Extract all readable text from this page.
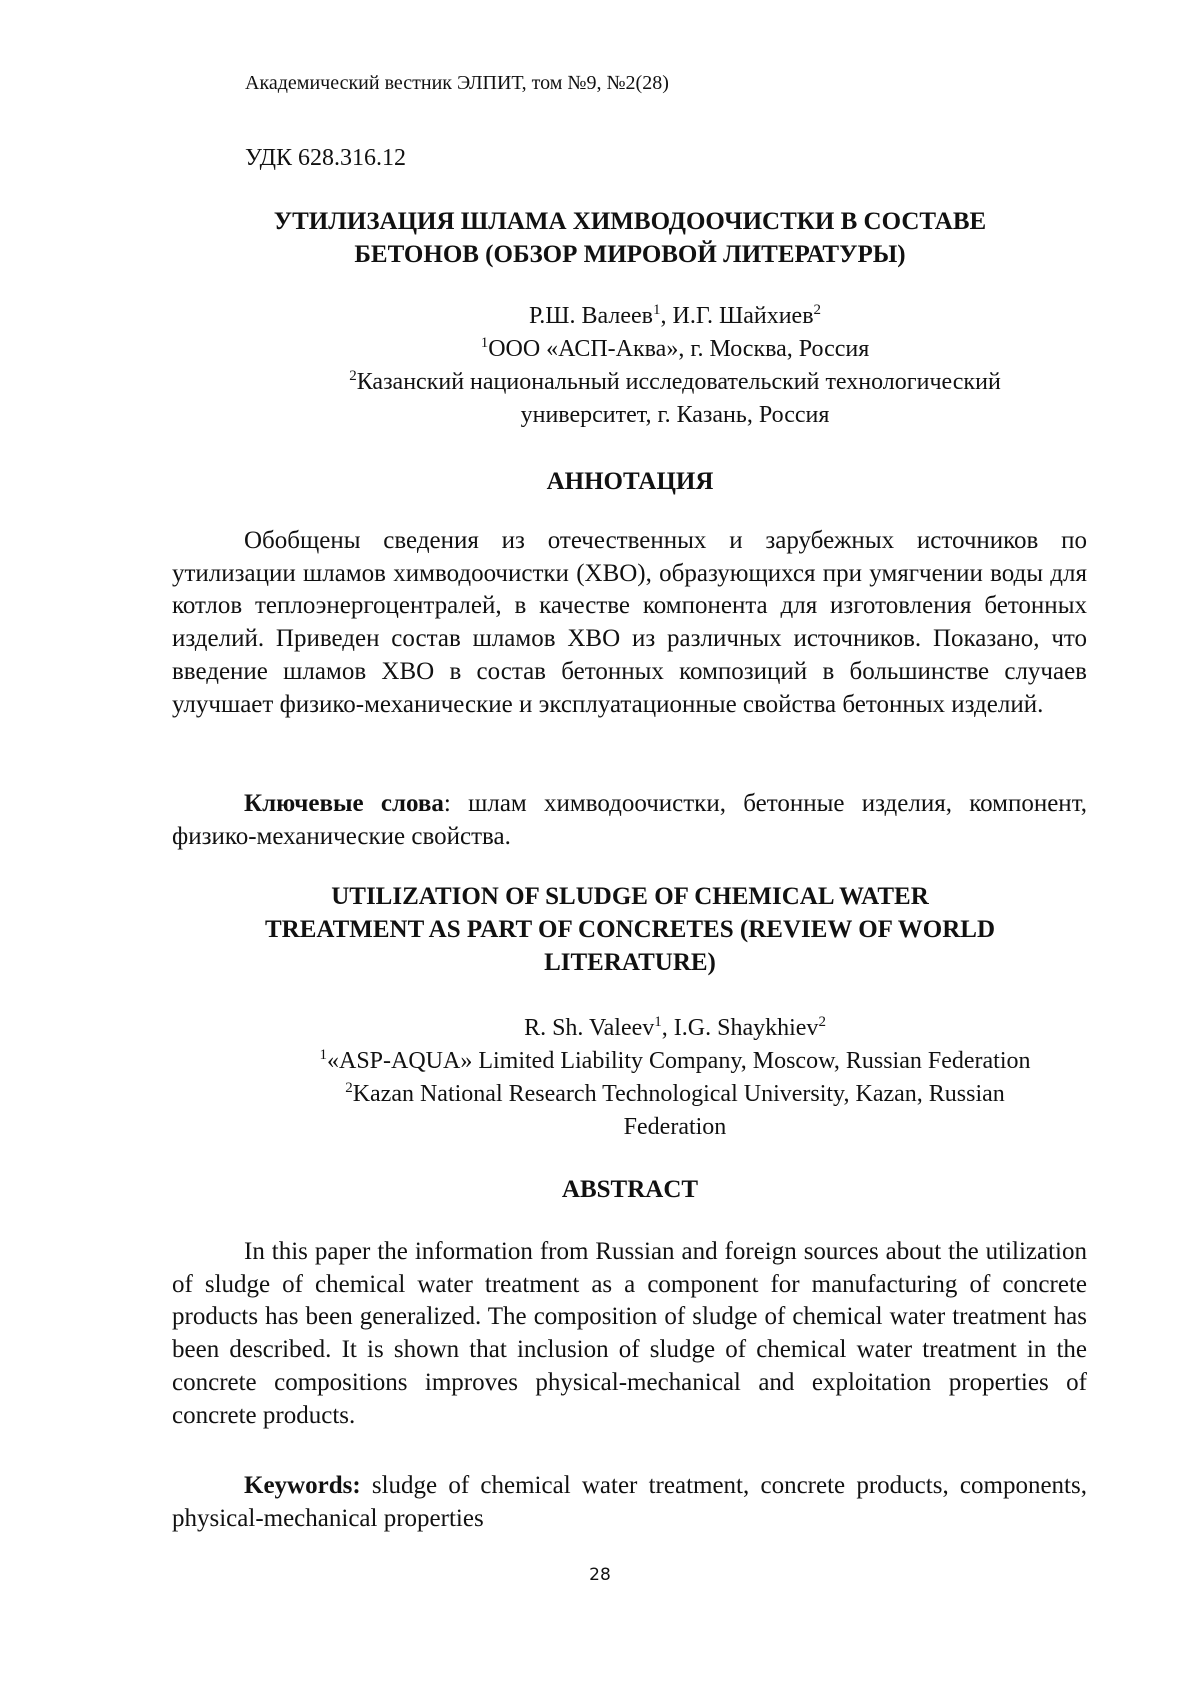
Академический вестник ЭЛПИТ, том №9, №2(28)
УДК 628.316.12
УТИЛИЗАЦИЯ ШЛАМА ХИМВОДООЧИСТКИ В СОСТАВЕ
БЕТОНОВ (ОБЗОР МИРОВОЙ ЛИТЕРАТУРЫ)
Р.Ш. Валеев$^1$, И.Г. Шайхиев$^2$
$^1$ООО «АСП-Аква», г. Москва, Россия
$^2$Казанский национальный исследовательский технологический
университет, г. Казань, Россия
АННОТАЦИЯ
Обобщены сведения из отечественных и зарубежных источников по утилизации шламов химводоочистки (ХВО), образующихся при умягчении воды для котлов теплоэнергоцентралей, в качестве компонента для изготовления бетонных изделий. Приведен состав шламов ХВО из различных источников. Показано, что введение шламов ХВО в состав бетонных композиций в большинстве случаев улучшает физико-механические и эксплуатационные свойства бетонных изделий.
Ключевые слова: шлам химводоочистки, бетонные изделия, компонент, физико-механические свойства.
UTILIZATION OF SLUDGE OF CHEMICAL WATER
TREATMENT AS PART OF CONCRETES (REVIEW OF WORLD
LITERATURE)
R. Sh. Valeev$^1$, I.G. Shaykhiev$^2$
$^1$«ASP-AQUA» Limited Liability Company, Moscow, Russian Federation
$^2$Kazan National Research Technological University, Kazan, Russian
Federation
ABSTRACT
In this paper the information from Russian and foreign sources about the utilization of sludge of chemical water treatment as a component for manufacturing of concrete products has been generalized. The composition of sludge of chemical water treatment has been described. It is shown that inclusion of sludge of chemical water treatment in the concrete compositions improves physical-mechanical and exploitation properties of concrete products.
Keywords: sludge of chemical water treatment, concrete products, components, physical-mechanical properties
28
